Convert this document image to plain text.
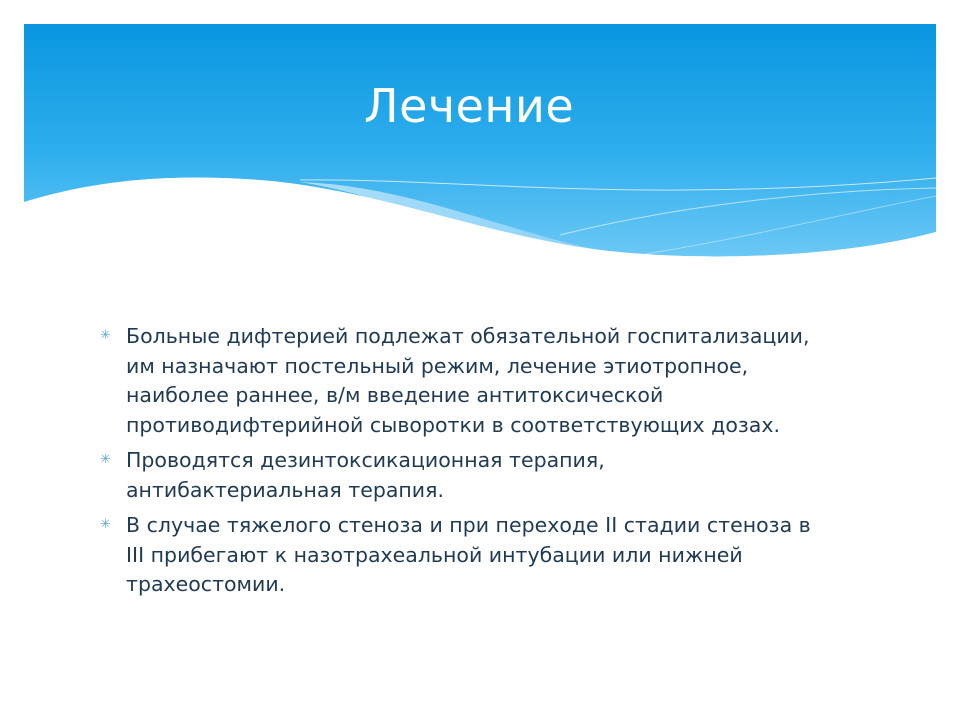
Лечение
✳ Больные дифтерией подлежат обязательной госпитализации,
им назначают постельный режим, лечение этиотропное,
наиболее раннее, в/м введение антитоксической
противодифтерийной сыворотки в соответствующих дозах.
✳ Проводятся дезинтоксикационная терапия,
антибактериальная терапия.
✳ В случае тяжелого стеноза и при переходе II стадии стеноза в
III прибегают к назотрахеальной интубации или нижней
трахеостомии.
